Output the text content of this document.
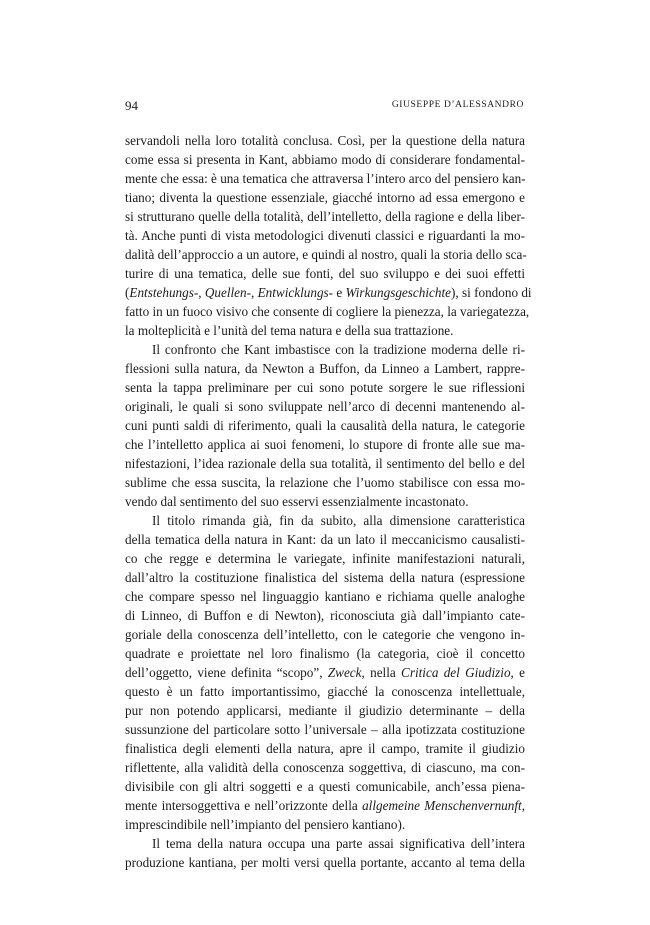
94	GIUSEPPE D’ALESSANDRO
servandoli nella loro totalità conclusa. Così, per la questione della natura
come essa si presenta in Kant, abbiamo modo di considerare fondamental-
mente che essa: è una tematica che attraversa l’intero arco del pensiero kan-
tiano; diventa la questione essenziale, giacché intorno ad essa emergono e
si strutturano quelle della totalità, dell’intelletto, della ragione e della liber-
tà. Anche punti di vista metodologici divenuti classici e riguardanti la mo-
dalità dell’approccio a un autore, e quindi al nostro, quali la storia dello sca-
turire di una tematica, delle sue fonti, del suo sviluppo e dei suoi effetti
(Entstehungs-, Quellen-, Entwicklungs- e Wirkungsgeschichte), si fondono di
fatto in un fuoco visivo che consente di cogliere la pienezza, la variegatezza,
la molteplicità e l’unità del tema natura e della sua trattazione.
Il confronto che Kant imbastisce con la tradizione moderna delle ri-
flessioni sulla natura, da Newton a Buffon, da Linneo a Lambert, rappre-
senta la tappa preliminare per cui sono potute sorgere le sue riflessioni
originali, le quali si sono sviluppate nell’arco di decenni mantenendo al-
cuni punti saldi di riferimento, quali la causalità della natura, le categorie
che l’intelletto applica ai suoi fenomeni, lo stupore di fronte alle sue ma-
nifestazioni, l’idea razionale della sua totalità, il sentimento del bello e del
sublime che essa suscita, la relazione che l’uomo stabilisce con essa mo-
vendo dal sentimento del suo esservi essenzialmente incastonato.
Il titolo rimanda già, fin da subito, alla dimensione caratteristica
della tematica della natura in Kant: da un lato il meccanicismo causalisti-
co che regge e determina le variegate, infinite manifestazioni naturali,
dall’altro la costituzione finalistica del sistema della natura (espressione
che compare spesso nel linguaggio kantiano e richiama quelle analoghe
di Linneo, di Buffon e di Newton), riconosciuta già dall’impianto cate-
goriale della conoscenza dell’intelletto, con le categorie che vengono in-
quadrate e proiettate nel loro finalismo (la categoria, cioè il concetto
dell’oggetto, viene definita “scopo”, Zweck, nella Critica del Giudizio, e
questo è un fatto importantissimo, giacché la conoscenza intellettuale,
pur non potendo applicarsi, mediante il giudizio determinante – della
sussunzione del particolare sotto l’universale – alla ipotizzata costituzione
finalistica degli elementi della natura, apre il campo, tramite il giudizio
riflettente, alla validità della conoscenza soggettiva, di ciascuno, ma con-
divisibile con gli altri soggetti e a questi comunicabile, anch’essa piena-
mente intersoggettiva e nell’orizzonte della allgemeine Menschenvernunft,
imprescindibile nell’impianto del pensiero kantiano).
Il tema della natura occupa una parte assai significativa dell’intera
produzione kantiana, per molti versi quella portante, accanto al tema della
